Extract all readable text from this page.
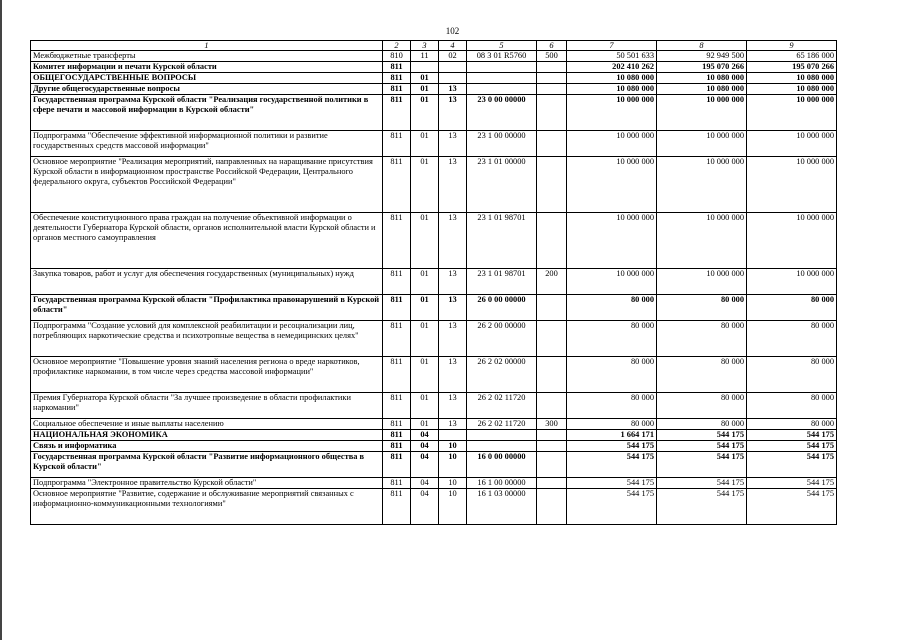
102
1	2	3	4	5	6	7	8	9
Межбюджетные трансферты	810	11	02	08 3 01 R5760	500	50 501 633	92 949 500	65 186 000
Комитет информации и печати Курской области	811					202 410 262	195 070 266	195 070 266
ОБЩЕГОСУДАРСТВЕННЫЕ ВОПРОСЫ	811	01				10 080 000	10 080 000	10 080 000
Другие общегосударственные вопросы	811	01	13			10 080 000	10 080 000	10 080 000
Государственная программа Курской области "Реализация государственной политики в сфере печати и массовой информации в Курской области"	811	01	13	23 0 00 00000		10 000 000	10 000 000	10 000 000
Подпрограмма "Обеспечение эффективной информационной политики и развитие государственных средств массовой информации"	811	01	13	23 1 00 00000		10 000 000	10 000 000	10 000 000
Основное мероприятие "Реализация мероприятий, направленных на наращивание присутствия Курской области в информационном пространстве Российской Федерации, Центрального федерального округа, субъектов Российской Федерации"	811	01	13	23 1 01 00000		10 000 000	10 000 000	10 000 000
Обеспечение конституционного права граждан на получение объективной информации о деятельности Губернатора Курской области, органов исполнительной власти Курской области и органов местного самоуправления	811	01	13	23 1 01 98701		10 000 000	10 000 000	10 000 000
Закупка товаров, работ и услуг для обеспечения государственных (муниципальных) нужд	811	01	13	23 1 01 98701	200	10 000 000	10 000 000	10 000 000
Государственная программа Курской области "Профилактика правонарушений в Курской области"	811	01	13	26 0 00 00000		80 000	80 000	80 000
Подпрограмма "Создание условий для комплексной реабилитации и ресоциализации лиц, потребляющих наркотические средства и психотропные вещества в немедицинских целях"	811	01	13	26 2 00 00000		80 000	80 000	80 000
Основное мероприятие "Повышение уровня знаний населения региона о вреде наркотиков, профилактике наркомании, в том числе через средства массовой информации"	811	01	13	26 2 02 00000		80 000	80 000	80 000
Премия Губернатора Курской области "За лучшее произведение в области профилактики наркомании"	811	01	13	26 2 02 11720		80 000	80 000	80 000
Социальное обеспечение и иные выплаты населению	811	01	13	26 2 02 11720	300	80 000	80 000	80 000
НАЦИОНАЛЬНАЯ ЭКОНОМИКА	811	04				1 664 171	544 175	544 175
Связь и информатика	811	04	10			544 175	544 175	544 175
Государственная программа Курской области "Развитие информационного общества в Курской области"	811	04	10	16 0 00 00000		544 175	544 175	544 175
Подпрограмма "Электронное правительство Курской области"	811	04	10	16 1 00 00000		544 175	544 175	544 175
Основное мероприятие "Развитие, содержание и обслуживание мероприятий связанных с информационно-коммуникационными технологиями"	811	04	10	16 1 03 00000		544 175	544 175	544 175
